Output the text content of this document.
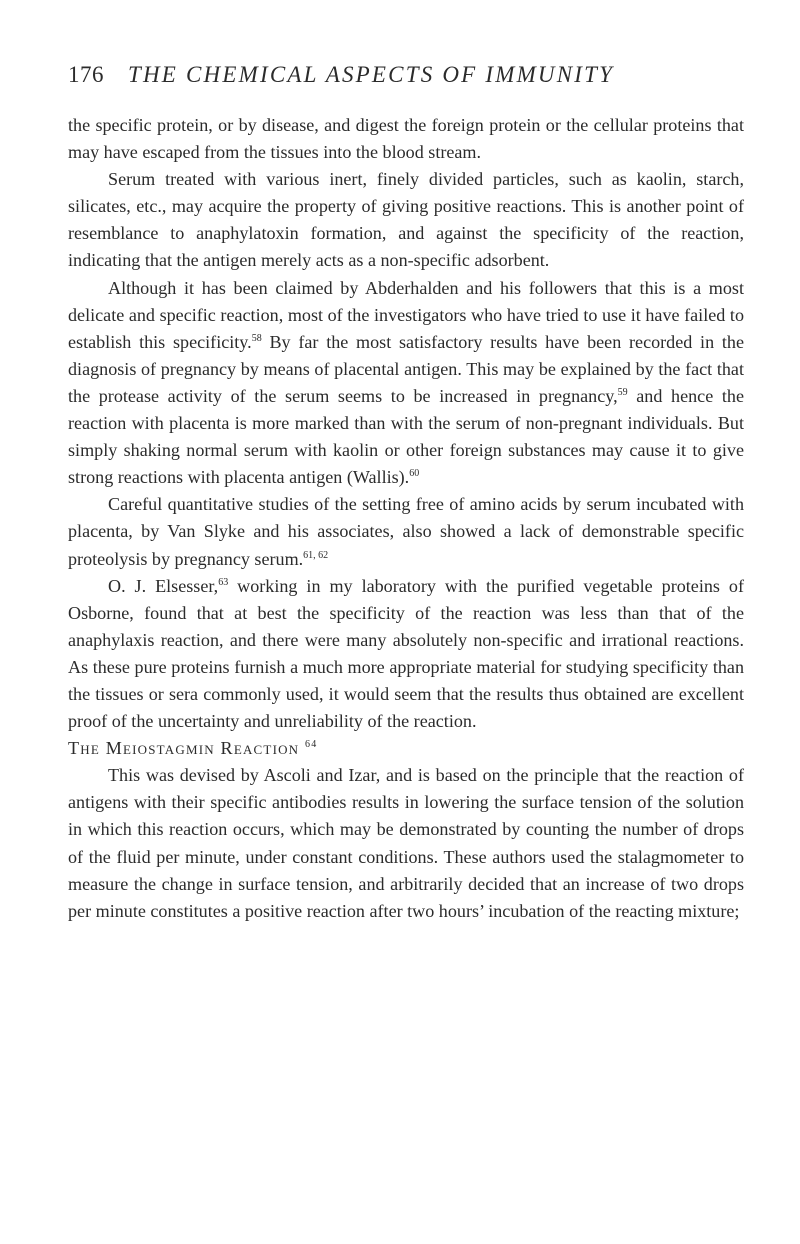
176	THE CHEMICAL ASPECTS OF IMMUNITY

the specific protein, or by disease, and digest the foreign protein or the cellular proteins that may have escaped from the tissues into the blood stream.

Serum treated with various inert, finely divided particles, such as kaolin, starch, silicates, etc., may acquire the property of giving positive reactions. This is another point of resemblance to anaphylatoxin formation, and against the specificity of the reaction, indicating that the antigen merely acts as a non-specific adsorbent.

Although it has been claimed by Abderhalden and his followers that this is a most delicate and specific reaction, most of the investigators who have tried to use it have failed to establish this specificity.$^{58}$ By far the most satisfactory results have been recorded in the diagnosis of pregnancy by means of placental antigen. This may be explained by the fact that the protease activity of the serum seems to be increased in pregnancy,$^{59}$ and hence the reaction with placenta is more marked than with the serum of non-pregnant individuals. But simply shaking normal serum with kaolin or other foreign substances may cause it to give strong reactions with placenta antigen (Wallis).$^{60}$

Careful quantitative studies of the setting free of amino acids by serum incubated with placenta, by Van Slyke and his associates, also showed a lack of demonstrable specific proteolysis by pregnancy serum.$^{61, 62}$

O. J. Elsesser,$^{63}$ working in my laboratory with the purified vegetable proteins of Osborne, found that at best the specificity of the reaction was less than that of the anaphylaxis reaction, and there were many absolutely non-specific and irrational reactions. As these pure proteins furnish a much more appropriate material for studying specificity than the tissues or sera commonly used, it would seem that the results thus obtained are excellent proof of the uncertainty and unreliability of the reaction.

The Meiostagmin Reaction $^{64}$

This was devised by Ascoli and Izar, and is based on the principle that the reaction of antigens with their specific antibodies results in lowering the surface tension of the solution in which this reaction occurs, which may be demonstrated by counting the number of drops of the fluid per minute, under constant conditions. These authors used the stalagmometer to measure the change in surface tension, and arbitrarily decided that an increase of two drops per minute constitutes a positive reaction after two hours’ incubation of the reacting mixture;
